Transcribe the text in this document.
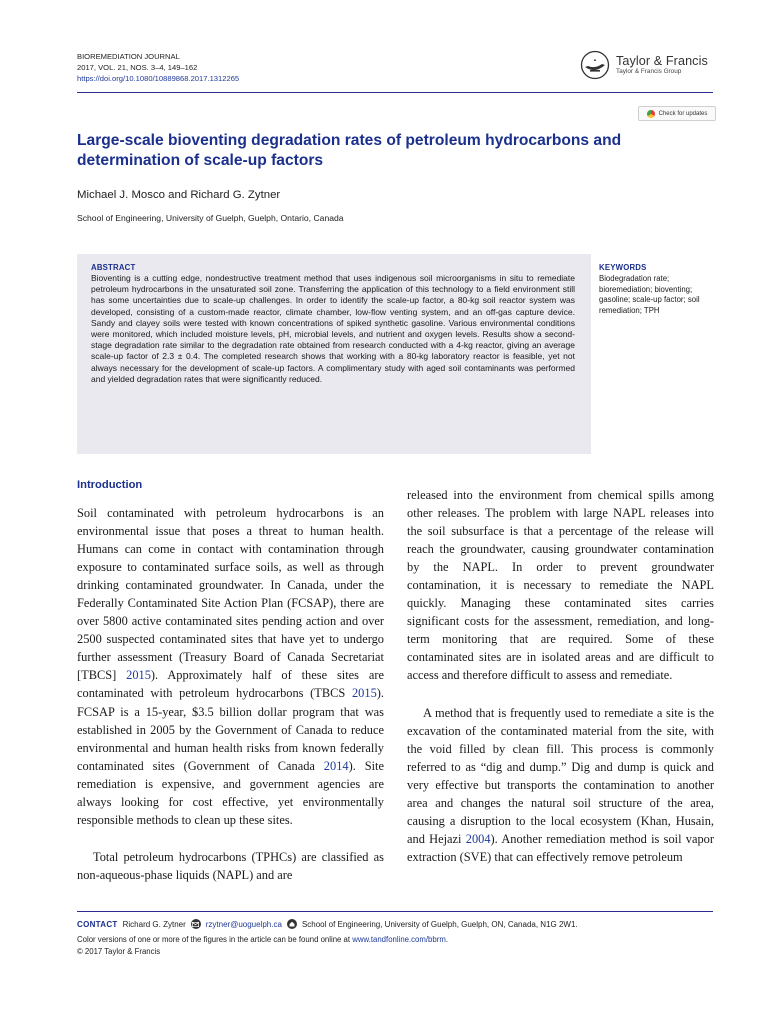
BIOREMEDIATION JOURNAL
2017, VOL. 21, NOS. 3–4, 149–162
https://doi.org/10.1080/10889868.2017.1312265
Taylor & Francis
Taylor & Francis Group
Check for updates
Large-scale bioventing degradation rates of petroleum hydrocarbons and determination of scale-up factors
Michael J. Mosco and Richard G. Zytner
School of Engineering, University of Guelph, Guelph, Ontario, Canada
ABSTRACT

Bioventing is a cutting edge, nondestructive treatment method that uses indigenous soil microorganisms in situ to remediate petroleum hydrocarbons in the unsaturated soil zone. Transferring the application of this technology to a field environment still has some uncertainties due to scale-up challenges. In order to identify the scale-up factor, a 80-kg soil reactor system was developed, consisting of a custom-made reactor, climate chamber, low-flow venting system, and an off-gas capture device. Sandy and clayey soils were tested with known concentrations of spiked synthetic gasoline. Various environmental conditions were monitored, which included moisture levels, pH, microbial levels, and nutrient and oxygen levels. Results show a second-stage degradation rate similar to the degradation rate obtained from research conducted with a 4-kg reactor, giving an average scale-up factor of 2.3 ± 0.4. The completed research shows that working with a 80-kg laboratory reactor is feasible, yet not always necessary for the development of scale-up factors. A complimentary study with aged soil contaminants was performed and yielded degradation rates that were significantly reduced.

KEYWORDS

Biodegradation rate; bioremediation; bioventing; gasoline; scale-up factor; soil remediation; TPH

Introduction

Soil contaminated with petroleum hydrocarbons is an environmental issue that poses a threat to human health. Humans can come in contact with contamination through exposure to contaminated surface soils, as well as through drinking contaminated groundwater. In Canada, under the Federally Contaminated Site Action Plan (FCSAP), there are over 5800 active contaminated sites pending action and over 2500 suspected contaminated sites that have yet to undergo further assessment (Treasury Board of Canada Secretariat [TBCS] 2015). Approximately half of these sites are contaminated with petroleum hydrocarbons (TBCS 2015). FCSAP is a 15-year, $3.5 billion dollar program that was established in 2005 by the Government of Canada to reduce environmental and human health risks from known federally contaminated sites (Government of Canada 2014). Site remediation is expensive, and government agencies are always looking for cost effective, yet environmentally responsible methods to clean up these sites.

Total petroleum hydrocarbons (TPHCs) are classified as non-aqueous-phase liquids (NAPL) and are

released into the environment from chemical spills among other releases. The problem with large NAPL releases into the soil subsurface is that a percentage of the release will reach the groundwater, causing groundwater contamination by the NAPL. In order to prevent groundwater contamination, it is necessary to remediate the NAPL quickly. Managing these contaminated sites carries significant costs for the assessment, remediation, and long-term monitoring that are required. Some of these contaminated sites are in isolated areas and are difficult to access and therefore difficult to assess and remediate.

A method that is frequently used to remediate a site is the excavation of the contaminated material from the site, with the void filled by clean fill. This process is commonly referred to as “dig and dump.” Dig and dump is quick and very effective but transports the contamination to another area and changes the natural soil structure of the area, causing a disruption to the local ecosystem (Khan, Husain, and Hejazi 2004). Another remediation method is soil vapor extraction (SVE) that can effectively remove petroleum

CONTACT Richard G. Zytner	rzytner@uoguelph.ca	School of Engineering, University of Guelph, Guelph, ON, Canada, N1G 2W1.
Color versions of one or more of the figures in the article can be found online at www.tandfonline.com/bbrm.
© 2017 Taylor & Francis
